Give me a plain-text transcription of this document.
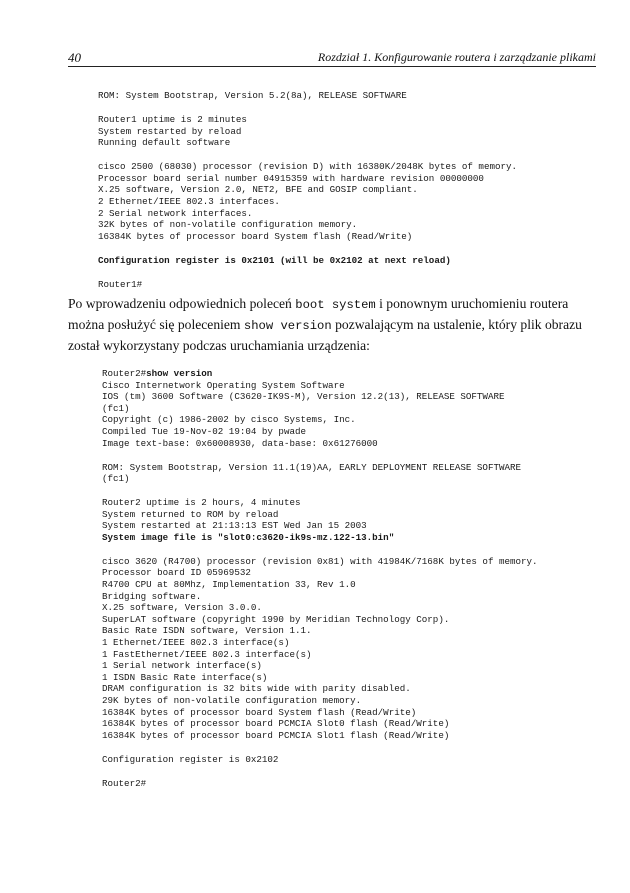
40	Rozdział 1. Konfigurowanie routera i zarządzanie plikami
ROM: System Bootstrap, Version 5.2(8a), RELEASE SOFTWARE
Router1 uptime is 2 minutes
System restarted by reload
Running default software
cisco 2500 (68030) processor (revision D) with 16380K/2048K bytes of memory.
Processor board serial number 04915359 with hardware revision 00000000
X.25 software, Version 2.0, NET2, BFE and GOSIP compliant.
2 Ethernet/IEEE 802.3 interfaces.
2 Serial network interfaces.
32K bytes of non-volatile configuration memory.
16384K bytes of processor board System flash (Read/Write)
Configuration register is 0x2101 (will be 0x2102 at next reload)
Router1#

Po wprowadzeniu odpowiednich poleceń boot system i ponownym uruchomieniu routera można posłużyć się poleceniem show version pozwalającym na ustalenie, który plik obrazu został wykorzystany podczas uruchamiania urządzenia:

Router2#show version
Cisco Internetwork Operating System Software
IOS (tm) 3600 Software (C3620-IK9S-M), Version 12.2(13), RELEASE SOFTWARE
(fc1)
Copyright (c) 1986-2002 by cisco Systems, Inc.
Compiled Tue 19-Nov-02 19:04 by pwade
Image text-base: 0x60008930, data-base: 0x61276000
ROM: System Bootstrap, Version 11.1(19)AA, EARLY DEPLOYMENT RELEASE SOFTWARE
(fc1)
Router2 uptime is 2 hours, 4 minutes
System returned to ROM by reload
System restarted at 21:13:13 EST Wed Jan 15 2003
System image file is "slot0:c3620-ik9s-mz.122-13.bin"
cisco 3620 (R4700) processor (revision 0x81) with 41984K/7168K bytes of memory.
Processor board ID 05969532
R4700 CPU at 80Mhz, Implementation 33, Rev 1.0
Bridging software.
X.25 software, Version 3.0.0.
SuperLAT software (copyright 1990 by Meridian Technology Corp).
Basic Rate ISDN software, Version 1.1.
1 Ethernet/IEEE 802.3 interface(s)
1 FastEthernet/IEEE 802.3 interface(s)
1 Serial network interface(s)
1 ISDN Basic Rate interface(s)
DRAM configuration is 32 bits wide with parity disabled.
29K bytes of non-volatile configuration memory.
16384K bytes of processor board System flash (Read/Write)
16384K bytes of processor board PCMCIA Slot0 flash (Read/Write)
16384K bytes of processor board PCMCIA Slot1 flash (Read/Write)
Configuration register is 0x2102
Router2#
